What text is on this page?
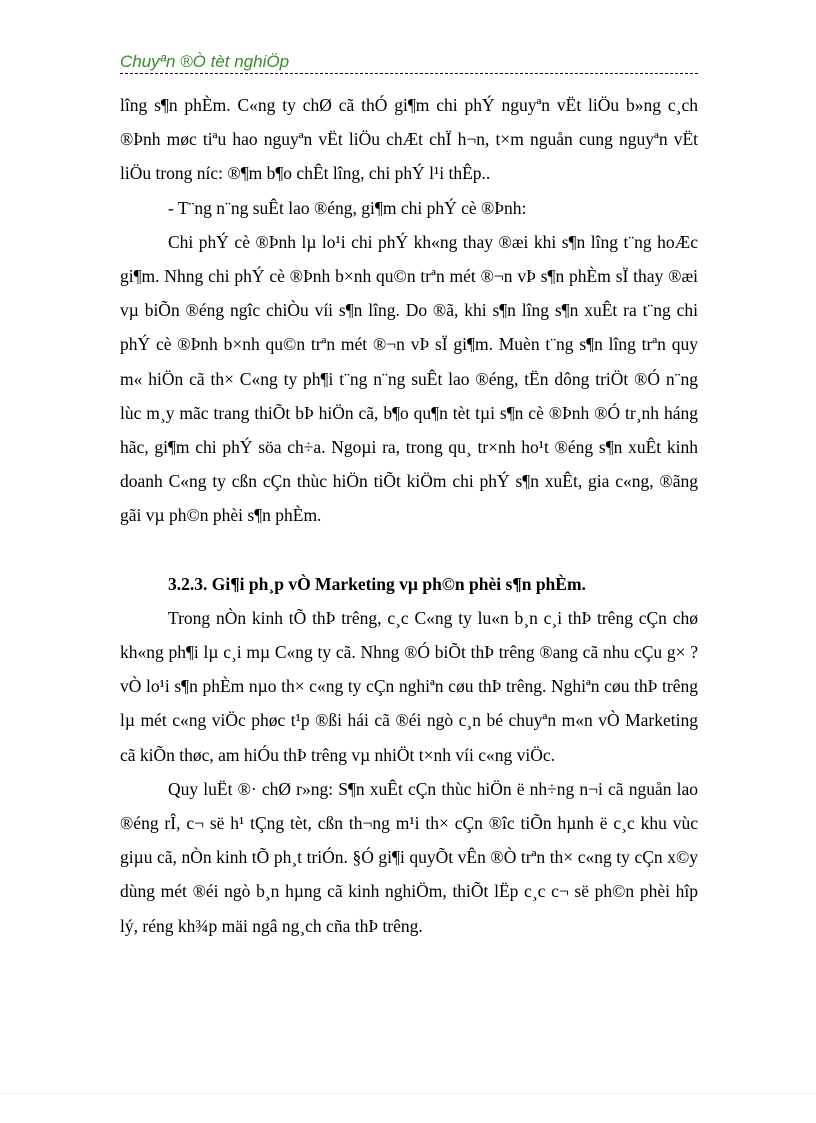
Chuyªn ®Ò tèt nghiÖp

lîng s¶n phÈm. C«ng ty chØ cã thÓ gi¶m chi phÝ nguyªn vËt liÖu b»ng c¸ch ®Þnh møc tiªu hao nguyªn vËt liÖu chÆt chÏ h¬n, t×m nguån cung nguyªn vËt liÖu trong níc: ®¶m b¶o chÊt lîng, chi phÝ l¹i thÊp..

- T¨ng n¨ng suÊt lao ®éng, gi¶m chi phÝ cè ®Þnh:

Chi phÝ cè ®Þnh lµ lo¹i chi phÝ kh«ng thay ®æi khi s¶n lîng t¨ng hoÆc gi¶m. Nhng chi phÝ cè ®Þnh b×nh qu©n trªn mét ®¬n vÞ s¶n phÈm sÏ thay ®æi vµ biÕn ®éng ngîc chiÒu víi s¶n lîng. Do ®ã, khi s¶n lîng s¶n xuÊt ra t¨ng chi phÝ cè ®Þnh b×nh qu©n trªn mét ®¬n vÞ sÏ gi¶m. Muèn t¨ng s¶n lîng trªn quy m« hiÖn cã th× C«ng ty ph¶i t¨ng n¨ng suÊt lao ®éng, tËn dông triÖt ®Ó n¨ng lùc m¸y mãc trang thiÕt bÞ hiÖn cã, b¶o qu¶n tèt tµi s¶n cè ®Þnh ®Ó tr¸nh háng hãc, gi¶m chi phÝ söa ch÷a. Ngoµi ra, trong qu¸ tr×nh ho¹t ®éng s¶n xuÊt kinh doanh C«ng ty cßn cÇn thùc hiÖn tiÕt kiÖm chi phÝ s¶n xuÊt, gia c«ng, ®ãng gãi vµ ph©n phèi s¶n phÈm.

3.2.3. Gi¶i ph¸p vÒ Marketing vµ ph©n phèi s¶n phÈm.

Trong nÒn kinh tÕ thÞ trêng, c¸c C«ng ty lu«n b¸n c¸i thÞ trêng cÇn chø kh«ng ph¶i lµ c¸i mµ C«ng ty cã. Nhng ®Ó biÕt thÞ trêng ®ang cã nhu cÇu g× ? vÒ lo¹i s¶n phÈm nµo th× c«ng ty cÇn nghiªn cøu thÞ trêng. Nghiªn cøu thÞ trêng lµ mét c«ng viÖc phøc t¹p ®ßi hái cã ®éi ngò c¸n bé chuyªn m«n vÒ Marketing cã kiÕn thøc, am hiÓu thÞ trêng vµ nhiÖt t×nh víi c«ng viÖc.

Quy luËt ®· chØ r»ng: S¶n xuÊt cÇn thùc hiÖn ë nh÷ng n¬i cã nguån lao ®éng rÎ, c¬ së h¹ tÇng tèt, cßn th¬ng m¹i th× cÇn ®îc tiÕn hµnh ë c¸c khu vùc giµu cã, nÒn kinh tÕ ph¸t triÓn. §Ó gi¶i quyÕt vÊn ®Ò trªn th× c«ng ty cÇn x©y dùng mét ®éi ngò b¸n hµng cã kinh nghiÖm, thiÕt lËp c¸c c¬ së ph©n phèi hîp lý, réng kh¾p mäi ngâ ng¸ch cña thÞ trêng.
